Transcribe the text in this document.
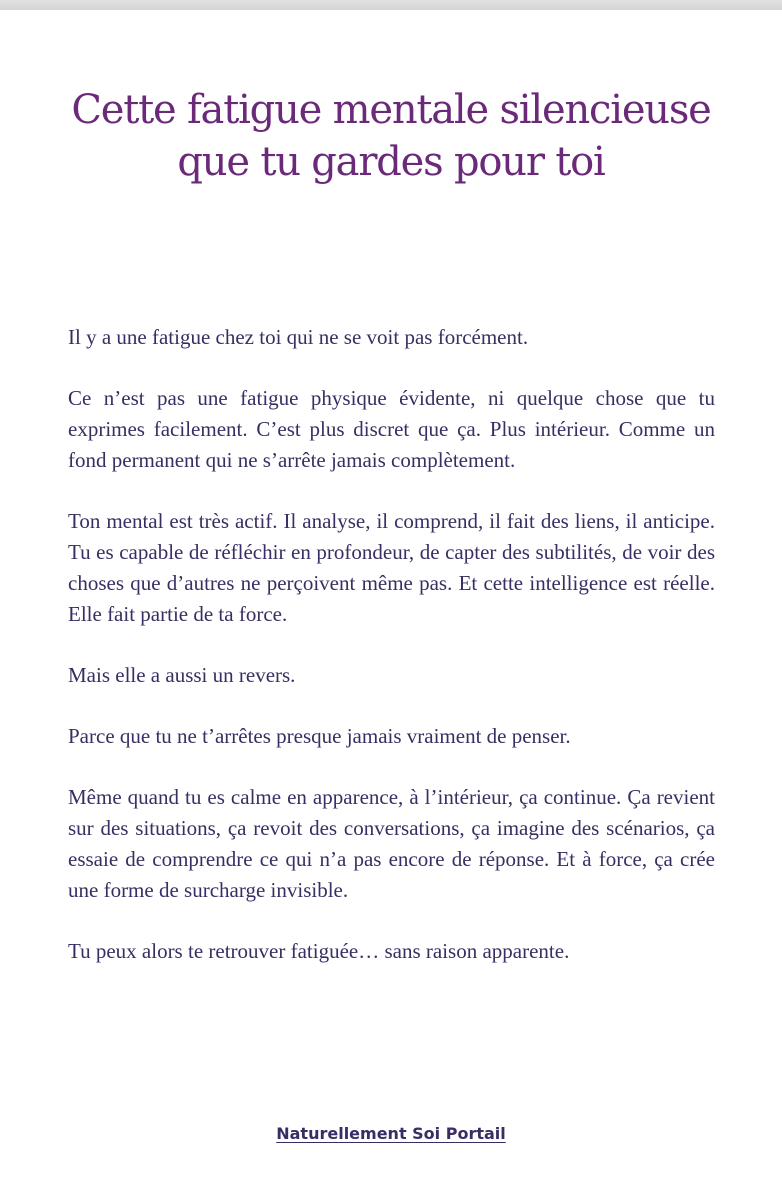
Cette fatigue mentale silencieuse que tu gardes pour toi

Il y a une fatigue chez toi qui ne se voit pas forcément.

Ce n’est pas une fatigue physique évidente, ni quelque chose que tu exprimes facilement. C’est plus discret que ça. Plus intérieur. Comme un fond permanent qui ne s’arrête jamais complètement.

Ton mental est très actif. Il analyse, il comprend, il fait des liens, il anticipe. Tu es capable de réfléchir en profondeur, de capter des subtilités, de voir des choses que d’autres ne perçoivent même pas. Et cette intelligence est réelle. Elle fait partie de ta force.

Mais elle a aussi un revers.

Parce que tu ne t’arrêtes presque jamais vraiment de penser.

Même quand tu es calme en apparence, à l’intérieur, ça continue. Ça revient sur des situations, ça revoit des conversations, ça imagine des scénarios, ça essaie de comprendre ce qui n’a pas encore de réponse. Et à force, ça crée une forme de surcharge invisible.

Tu peux alors te retrouver fatiguée… sans raison apparente.

Naturellement Soi Portail
